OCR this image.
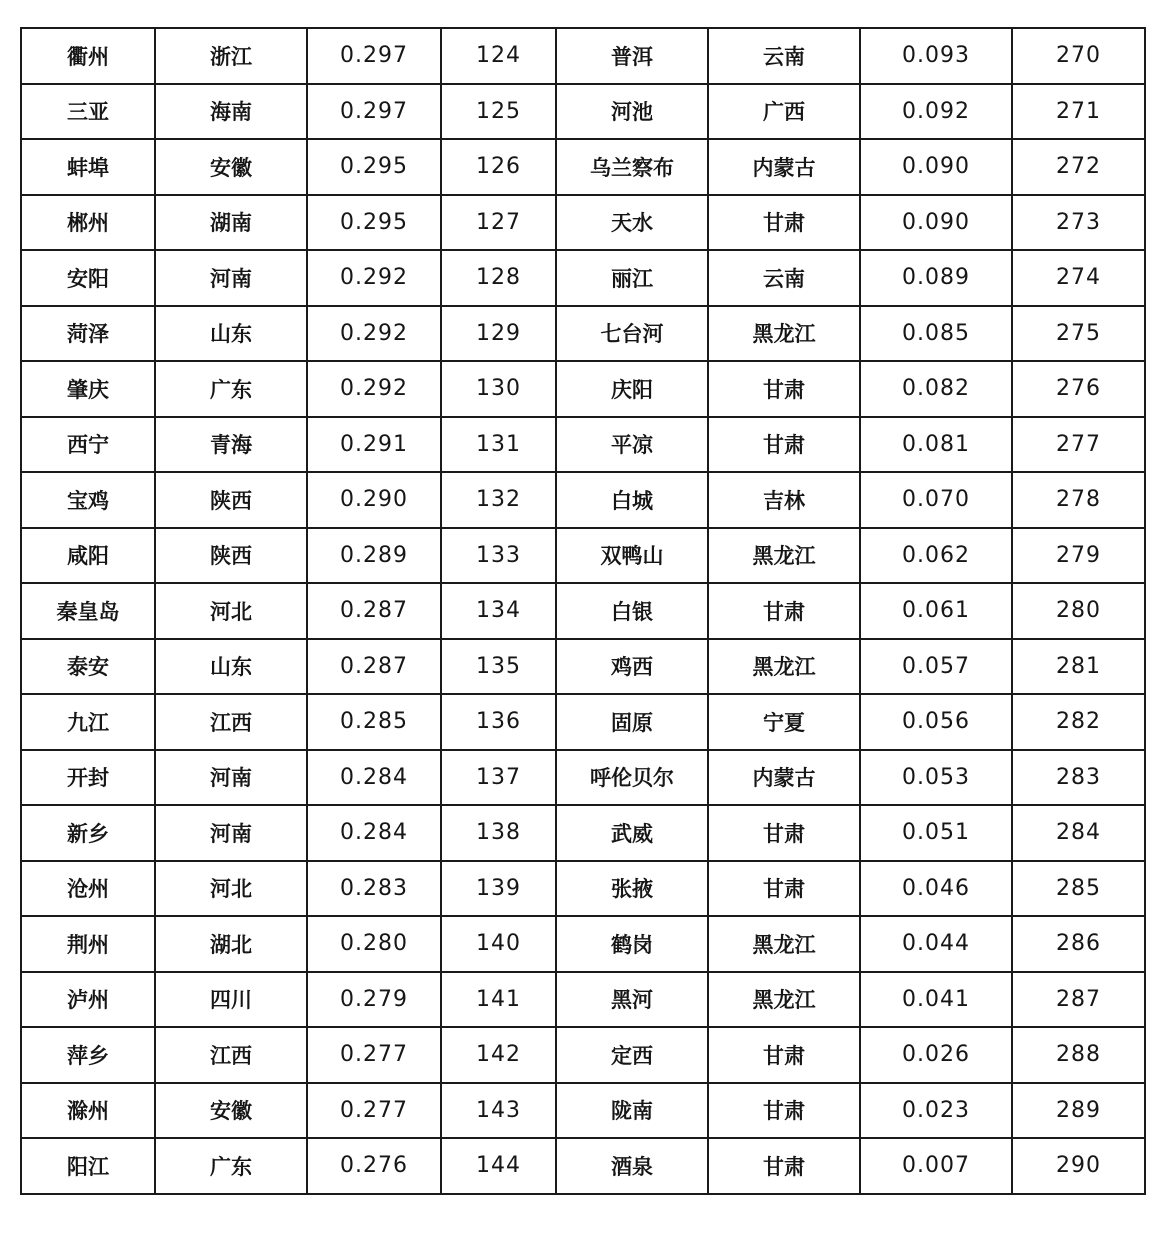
衢州	浙江	0.297	124	普洱	云南	0.093	270
三亚	海南	0.297	125	河池	广西	0.092	271
蚌埠	安徽	0.295	126	乌兰察布	内蒙古	0.090	272
郴州	湖南	0.295	127	天水	甘肃	0.090	273
安阳	河南	0.292	128	丽江	云南	0.089	274
菏泽	山东	0.292	129	七台河	黑龙江	0.085	275
肇庆	广东	0.292	130	庆阳	甘肃	0.082	276
西宁	青海	0.291	131	平凉	甘肃	0.081	277
宝鸡	陕西	0.290	132	白城	吉林	0.070	278
咸阳	陕西	0.289	133	双鸭山	黑龙江	0.062	279
秦皇岛	河北	0.287	134	白银	甘肃	0.061	280
泰安	山东	0.287	135	鸡西	黑龙江	0.057	281
九江	江西	0.285	136	固原	宁夏	0.056	282
开封	河南	0.284	137	呼伦贝尔	内蒙古	0.053	283
新乡	河南	0.284	138	武威	甘肃	0.051	284
沧州	河北	0.283	139	张掖	甘肃	0.046	285
荆州	湖北	0.280	140	鹤岗	黑龙江	0.044	286
泸州	四川	0.279	141	黑河	黑龙江	0.041	287
萍乡	江西	0.277	142	定西	甘肃	0.026	288
滁州	安徽	0.277	143	陇南	甘肃	0.023	289
阳江	广东	0.276	144	酒泉	甘肃	0.007	290
